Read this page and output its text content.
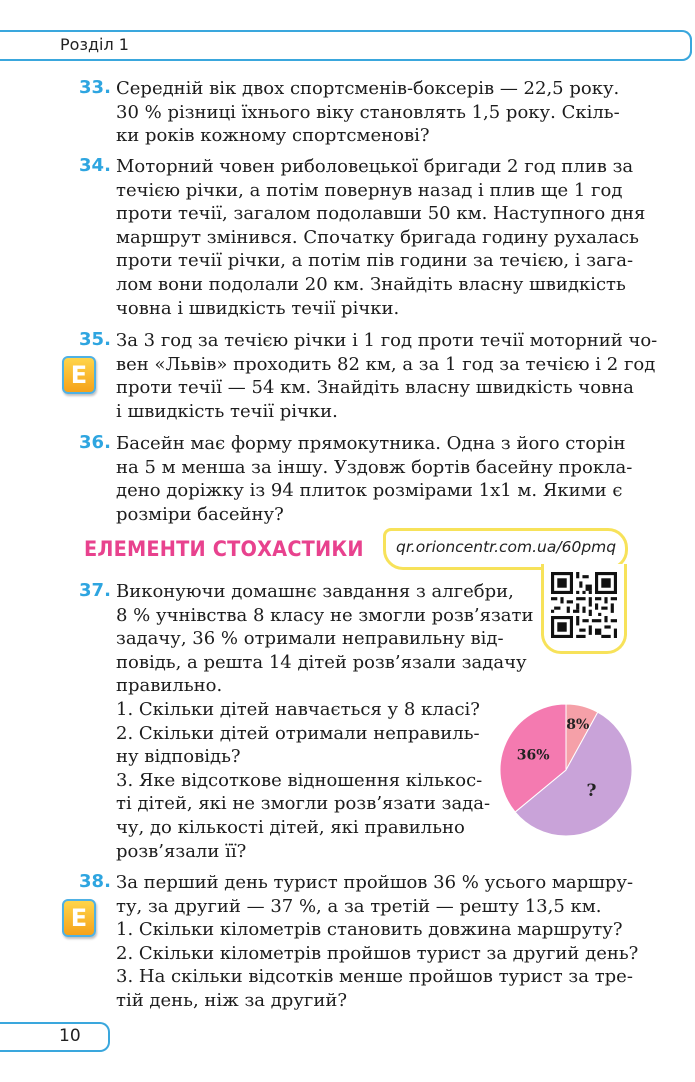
Розділ 1
33. Середній вік двох спортсменів-боксерів — 22,5 року.
30 % різниці їхнього віку становлять 1,5 року. Скіль-
ки років кожному спортсменові?
34. Моторний човен риболовецької бригади 2 год плив за
течією річки, а потім повернув назад і плив ще 1 год
проти течії, загалом подолавши 50 км. Наступного дня
маршрут змінився. Спочатку бригада годину рухалась
проти течії річки, а потім пів години за течією, і зага-
лом вони подолали 20 км. Знайдіть власну швидкість
човна і швидкість течії річки.
35.
Е
За 3 год за течією річки і 1 год проти течії моторний чо-
вен «Львів» проходить 82 км, а за 1 год за течією і 2 год
проти течії — 54 км. Знайдіть власну швидкість човна
і швидкість течії річки.
36. Басейн має форму прямокутника. Одна з його сторін
на 5 м менша за іншу. Уздовж бортів басейну прокла-
дено доріжку із 94 плиток розмірами 1х1 м. Якими є
розміри басейну?
ЕЛЕМЕНТИ СТОХАСТИКИ qr.orioncentr.com.ua/60pmq
37. Виконуючи домашнє завдання з алгебри,
8 % учнівства 8 класу не змогли розв’язати
задачу, 36 % отримали неправильну від-
повідь, а решта 14 дітей розв’язали задачу
правильно.
1. Скільки дітей навчається у 8 класі?
2. Скільки дітей отримали неправиль-
ну відповідь?
3. Яке відсоткове відношення кількос-
ті дітей, які не змогли розв’язати зада-
чу, до кількості дітей, які правильно
розв’язали її?
8%
?
36%
38.
Е
За перший день турист пройшов 36 % усього маршру-
ту, за другий — 37 %, а за третій — решту 13,5 км.
1. Скільки кілометрів становить довжина маршруту?
2. Скільки кілометрів пройшов турист за другий день?
3. На скільки відсотків менше пройшов турист за тре-
тій день, ніж за другий?
10
